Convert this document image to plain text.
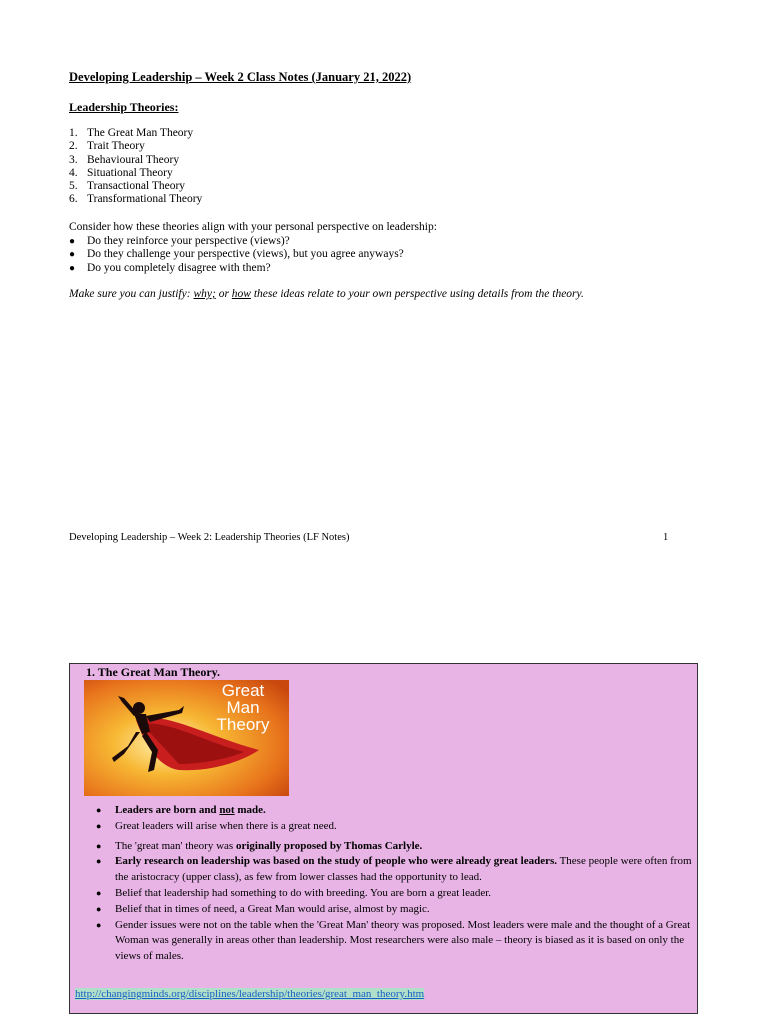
Developing Leadership – Week 2 Class Notes (January 21, 2022)
Leadership Theories:
1. The Great Man Theory
2. Trait Theory
3. Behavioural Theory
4. Situational Theory
5. Transactional Theory
6. Transformational Theory
Consider how these theories align with your personal perspective on leadership:
●	Do they reinforce your perspective (views)?
●	Do they challenge your perspective (views), but you agree anyways?
●	Do you completely disagree with them?
Make sure you can justify: why; or how these ideas relate to your own perspective using details from the theory.
Developing Leadership – Week 2: Leadership Theories (LF Notes)	1
1. The Great Man Theory.
Great Man Theory
●	Leaders are born and not made.
●	Great leaders will arise when there is a great need.
●	The 'great man' theory was originally proposed by Thomas Carlyle.
●	Early research on leadership was based on the study of people who were already great leaders. These people were often from the aristocracy (upper class), as few from lower classes had the opportunity to lead.
●	Belief that leadership had something to do with breeding. You are born a great leader.
●	Belief that in times of need, a Great Man would arise, almost by magic.
●	Gender issues were not on the table when the 'Great Man' theory was proposed. Most leaders were male and the thought of a Great Woman was generally in areas other than leadership. Most researchers were also male – theory is biased as it is based on only the views of males.
http://changingminds.org/disciplines/leadership/theories/great_man_theory.htm
